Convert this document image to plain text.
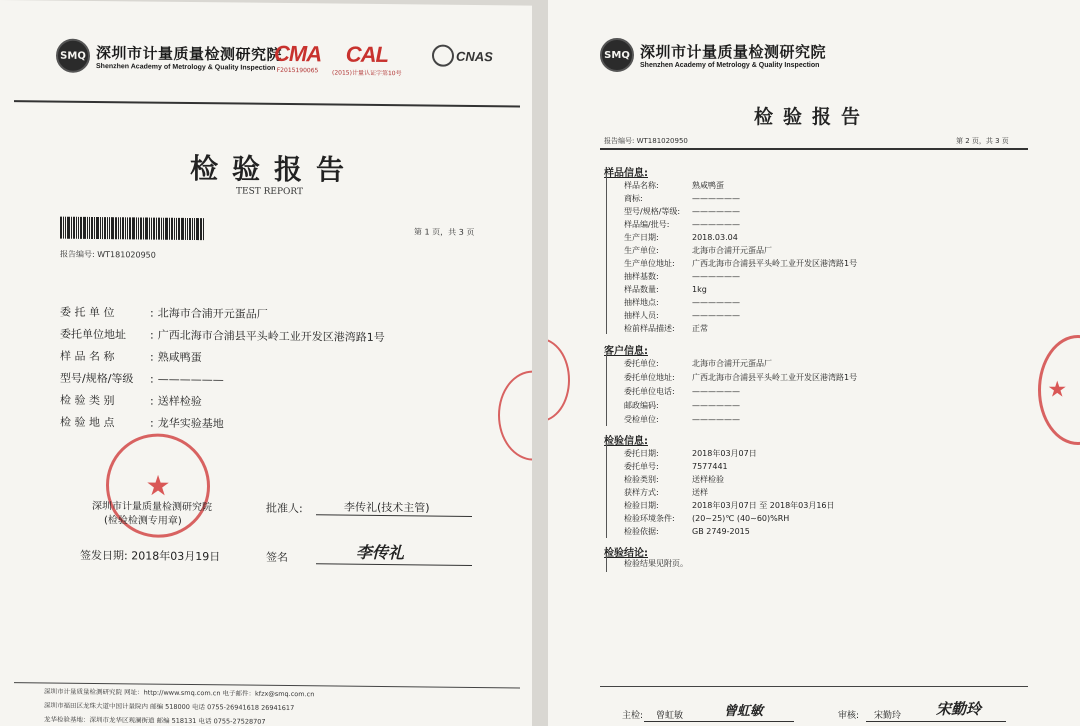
SMQ 深圳市计量质量检测研究院
Shenzhen Academy of Metrology & Quality Inspection
CMA
F2015190065
CAL
(2015)计量认证字第10号
CNAS
检验报告
TEST REPORT
报告编号: WT181020950
第 1 页，共 3 页
委 托 单 位	: 北海市合浦开元蛋品厂
委托单位地址 : 广西北海市合浦县平头岭工业开发区港湾路1号
样 品 名 称	: 熟咸鸭蛋
型号/规格/等级 : ——————
检 验 类 别	: 送样检验
检 验 地 点	: 龙华实验基地
★
深圳市计量质量检测研究院
(检验检测专用章)
批准人:	李传礼(技术主管)
签发日期: 2018年03月19日	签名	李传礼
深圳市计量质量检测研究院 网址：http://www.smq.com.cn 电子邮件：kfzx@smq.com.cn
深圳市福田区龙珠大道中国计量院内 邮编 518000 电话 0755-26941618 26941617
龙华检验基地：深圳市龙华区观澜街道 邮编 518131 电话 0755-27528707
SMQ 深圳市计量质量检测研究院
Shenzhen Academy of Metrology & Quality Inspection
检验报告
报告编号: WT181020950	第 2 页，共 3 页
样品信息:
样品名称:	熟咸鸭蛋
商标:	——————
型号/规格/等级: ——————
样品编/批号:	——————
生产日期:	2018.03.04
生产单位:	北海市合浦开元蛋品厂
生产单位地址: 广西北海市合浦县平头岭工业开发区港湾路1号
抽样基数:	——————
样品数量:	1kg
抽样地点:	——————
抽样人员:	——————
检前样品描述: 正常
客户信息:
委托单位:	北海市合浦开元蛋品厂
委托单位地址: 广西北海市合浦县平头岭工业开发区港湾路1号
委托单位电话: ——————
邮政编码:	——————
受检单位:	——————
检验信息:
委托日期:	2018年03月07日
委托单号:	7577441
检验类别:	送样检验
获样方式:	送样
检验日期:	2018年03月07日 至 2018年03月16日
检验环境条件: (20~25)℃ (40~60)%RH
检验依据:	GB 2749-2015
检验结论:
检验结果见附页。
主检: 曾虹敏	曾虹敏	审核: 宋勤玲 宋勤玲
★
